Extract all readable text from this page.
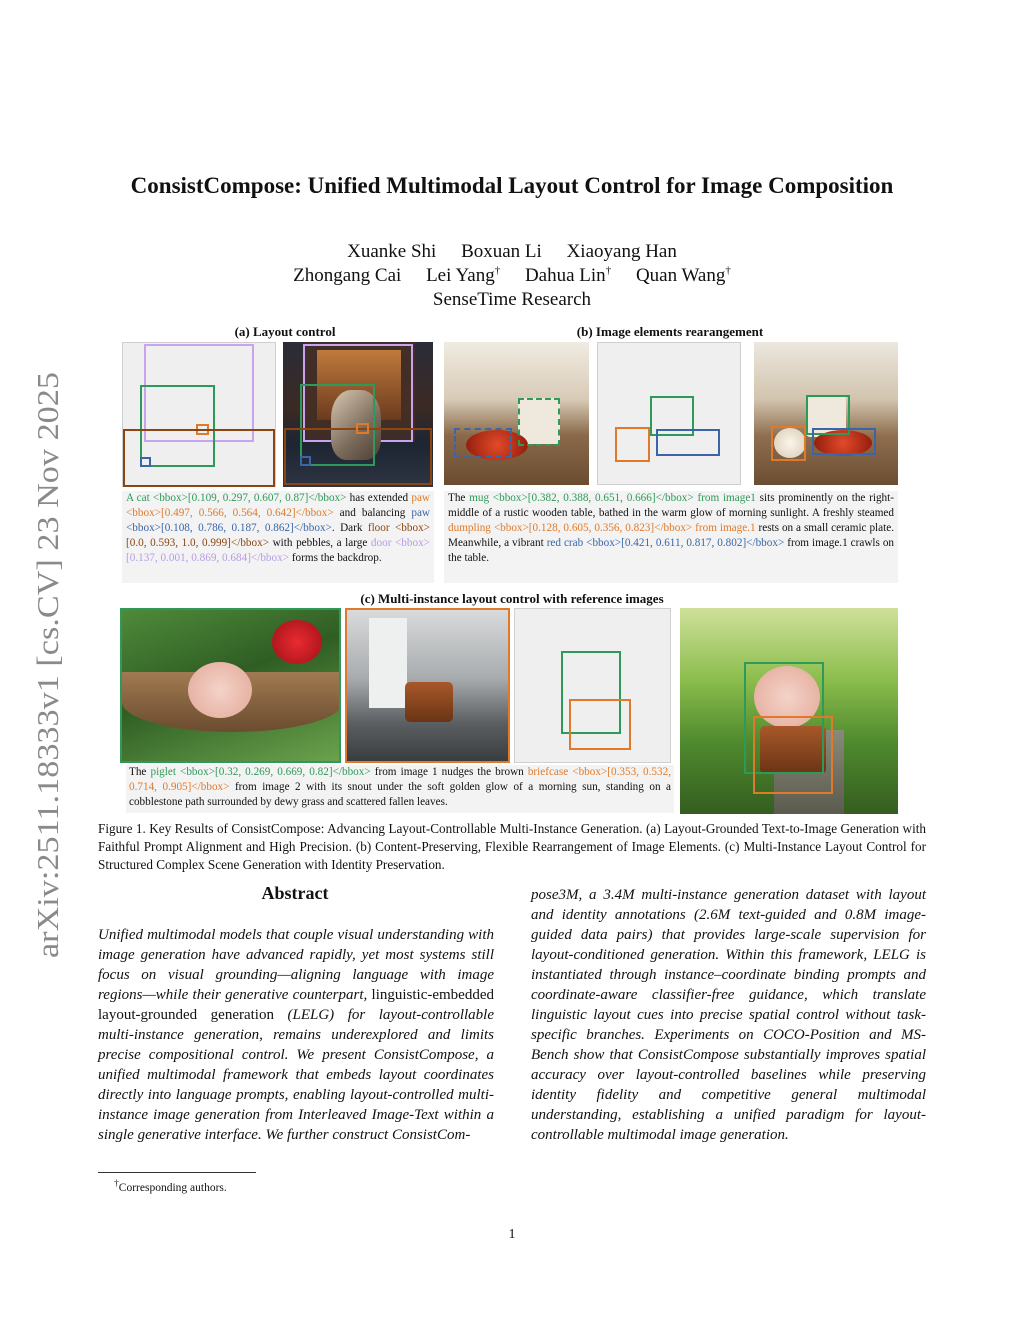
arXiv:2511.18333v1 [cs.CV] 23 Nov 2025
ConsistCompose: Unified Multimodal Layout Control for Image Composition
Xuanke Shi Boxuan Li Xiaoyang Han
Zhongang Cai Lei Yang† Dahua Lin† Quan Wang†
SenseTime Research
(a) Layout control	(b) Image elements rearangement
A cat <bbox>[0.109, 0.297, 0.607, 0.87]</bbox> has extended paw <bbox>[0.497, 0.566, 0.564, 0.642]</bbox> and balancing paw <bbox>[0.108, 0.786, 0.187, 0.862]</bbox>. Dark floor <bbox>[0.0, 0.593, 1.0, 0.999]</bbox> with pebbles, a large door <bbox>[0.137, 0.001, 0.869, 0.684]</bbox> forms the backdrop.
The mug <bbox>[0.382, 0.388, 0.651, 0.666]</bbox> from image1 sits prominently on the right-middle of a rustic wooden table, bathed in the warm glow of morning sunlight. A freshly steamed dumpling <bbox>[0.128, 0.605, 0.356, 0.823]</bbox> from image.1 rests on a small ceramic plate. Meanwhile, a vibrant red crab <bbox>[0.421, 0.611, 0.817, 0.802]</bbox> from image.1 crawls on the table.
(c) Multi-instance layout control with reference images
The piglet <bbox>[0.32, 0.269, 0.669, 0.82]</bbox> from image 1 nudges the brown briefcase <bbox>[0.353, 0.532, 0.714, 0.905]</bbox> from image 2 with its snout under the soft golden glow of a morning sun, standing on a cobblestone path surrounded by dewy grass and scattered fallen leaves.
Figure 1. Key Results of ConsistCompose: Advancing Layout-Controllable Multi-Instance Generation. (a) Layout-Grounded Text-to-Image Generation with Faithful Prompt Alignment and High Precision. (b) Content-Preserving, Flexible Rearrangement of Image Elements. (c) Multi-Instance Layout Control for Structured Complex Scene Generation with Identity Preservation.
Abstract
Unified multimodal models that couple visual understanding with image generation have advanced rapidly, yet most systems still focus on visual grounding—aligning language with image regions—while their generative counterpart, linguistic-embedded layout-grounded generation (LELG) for layout-controllable multi-instance generation, remains underexplored and limits precise compositional control. We present ConsistCompose, a unified multimodal framework that embeds layout coordinates directly into language prompts, enabling layout-controlled multi-instance image generation from Interleaved Image-Text within a single generative interface. We further construct ConsistCom-
pose3M, a 3.4M multi-instance generation dataset with layout and identity annotations (2.6M text-guided and 0.8M image-guided data pairs) that provides large-scale supervision for layout-conditioned generation. Within this framework, LELG is instantiated through instance–coordinate binding prompts and coordinate-aware classifier-free guidance, which translate linguistic layout cues into precise spatial control without task-specific branches. Experiments on COCO-Position and MS-Bench show that ConsistCompose substantially improves spatial accuracy over layout-controlled baselines while preserving identity fidelity and competitive general multimodal understanding, establishing a unified paradigm for layout-controllable multimodal image generation.
†Corresponding authors.
1
